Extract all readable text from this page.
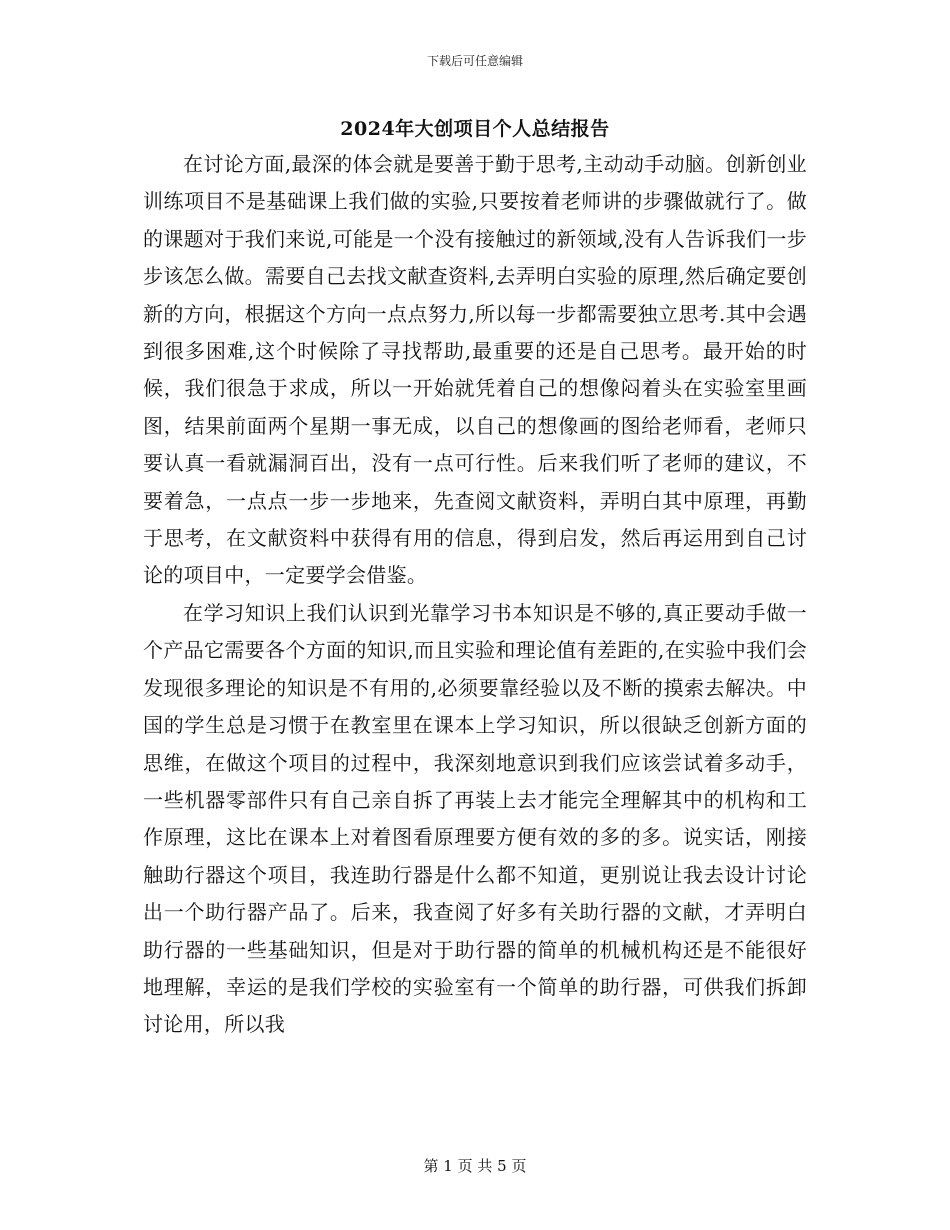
下载后可任意编辑
2024年大创项目个人总结报告

在讨论方面,最深的体会就是要善于勤于思考,主动动手动脑。创新创业训练项目不是基础课上我们做的实验,只要按着老师讲的步骤做就行了。做的课题对于我们来说,可能是一个没有接触过的新领域,没有人告诉我们一步步该怎么做。需要自己去找文献查资料,去弄明白实验的原理,然后确定要创新的方向，根据这个方向一点点努力,所以每一步都需要独立思考.其中会遇到很多困难,这个时候除了寻找帮助,最重要的还是自己思考。最开始的时候，我们很急于求成，所以一开始就凭着自己的想像闷着头在实验室里画图，结果前面两个星期一事无成，以自己的想像画的图给老师看，老师只要认真一看就漏洞百出，没有一点可行性。后来我们听了老师的建议，不要着急，一点点一步一步地来，先查阅文献资料，弄明白其中原理，再勤于思考，在文献资料中获得有用的信息，得到启发，然后再运用到自己讨论的项目中，一定要学会借鉴。

在学习知识上我们认识到光靠学习书本知识是不够的,真正要动手做一个产品它需要各个方面的知识,而且实验和理论值有差距的,在实验中我们会发现很多理论的知识是不有用的,必须要靠经验以及不断的摸索去解决。中国的学生总是习惯于在教室里在课本上学习知识，所以很缺乏创新方面的思维，在做这个项目的过程中，我深刻地意识到我们应该尝试着多动手，一些机器零部件只有自己亲自拆了再装上去才能完全理解其中的机构和工作原理，这比在课本上对着图看原理要方便有效的多的多。说实话，刚接触助行器这个项目，我连助行器是什么都不知道，更别说让我去设计讨论出一个助行器产品了。后来，我查阅了好多有关助行器的文献，才弄明白助行器的一些基础知识，但是对于助行器的简单的机械机构还是不能很好地理解，幸运的是我们学校的实验室有一个简单的助行器，可供我们拆卸讨论用，所以我

第 1 页 共 5 页
